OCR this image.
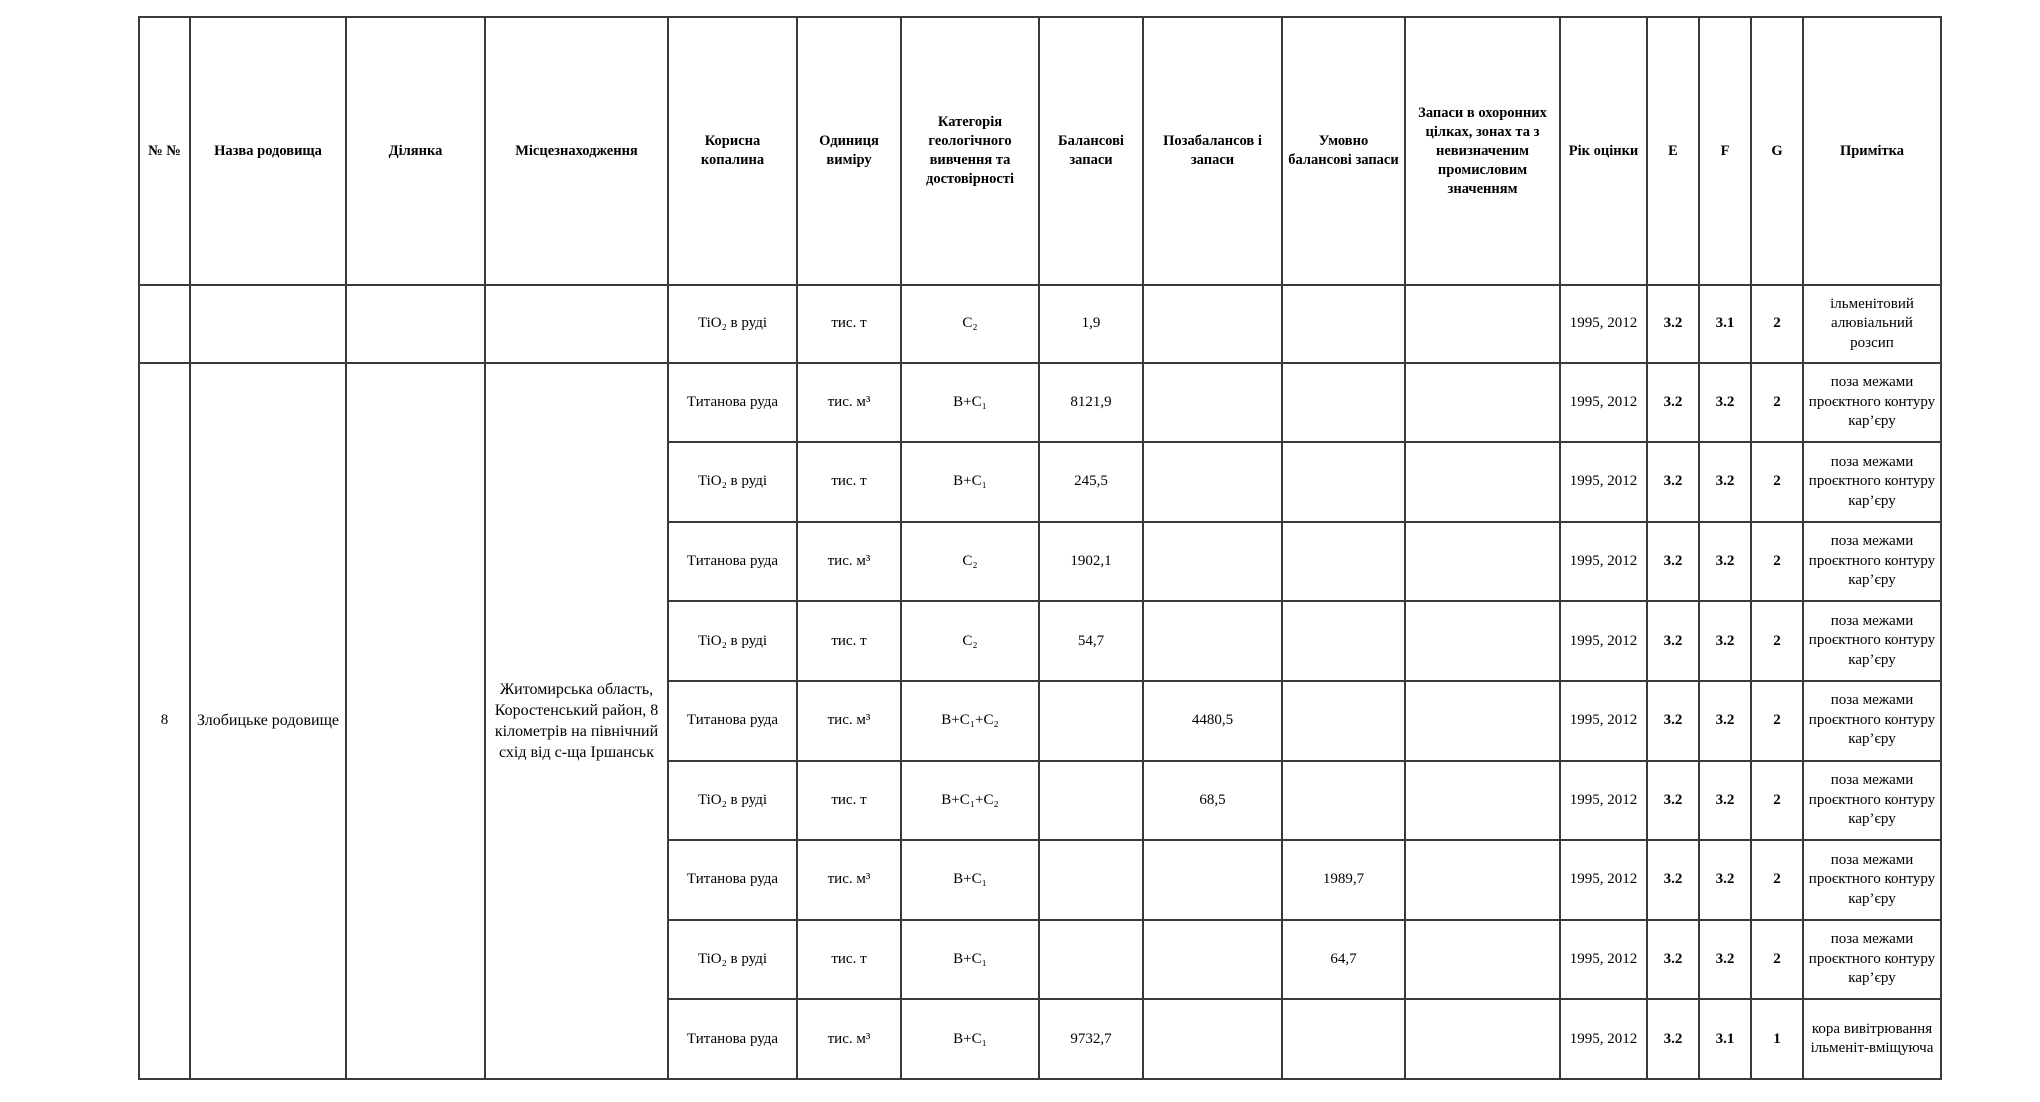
№ №	Назва родовища	Ділянка	Місцезнаходження	Корисна копалина	Одиниця виміру	Категорія геологічного вивчення та достовірності	Балансові запаси	Позабалансов і запаси	Умовно балансові запаси	Запаси в охоронних цілках, зонах та з невизначеним промисловим значенням	Рік оцінки	E	F	G	Примітка
				TiO₂ в руді	тис. т	C₂	1,9				1995, 2012	3.2	3.1	2	ільменітовий алювіальний розсип
8	Злобицьке родовище		Житомирська область, Коростенський район, 8 кілометрів на північний схід від с-ща Іршанськ	Титанова руда	тис. м³	B+C₁	8121,9				1995, 2012	3.2	3.2	2	поза межами проєктного контуру кар’єру
				TiO₂ в руді	тис. т	B+C₁	245,5				1995, 2012	3.2	3.2	2	поза межами проєктного контуру кар’єру
				Титанова руда	тис. м³	C₂	1902,1				1995, 2012	3.2	3.2	2	поза межами проєктного контуру кар’єру
				TiO₂ в руді	тис. т	C₂	54,7				1995, 2012	3.2	3.2	2	поза межами проєктного контуру кар’єру
				Титанова руда	тис. м³	B+C₁+C₂		4480,5			1995, 2012	3.2	3.2	2	поза межами проєктного контуру кар’єру
				TiO₂ в руді	тис. т	B+C₁+C₂		68,5			1995, 2012	3.2	3.2	2	поза межами проєктного контуру кар’єру
				Титанова руда	тис. м³	B+C₁			1989,7		1995, 2012	3.2	3.2	2	поза межами проєктного контуру кар’єру
				TiO₂ в руді	тис. т	B+C₁			64,7		1995, 2012	3.2	3.2	2	поза межами проєктного контуру кар’єру
				Титанова руда	тис. м³	B+C₁	9732,7				1995, 2012	3.2	3.1	1	кора вивітрювання ільменіт-вміщуюча
